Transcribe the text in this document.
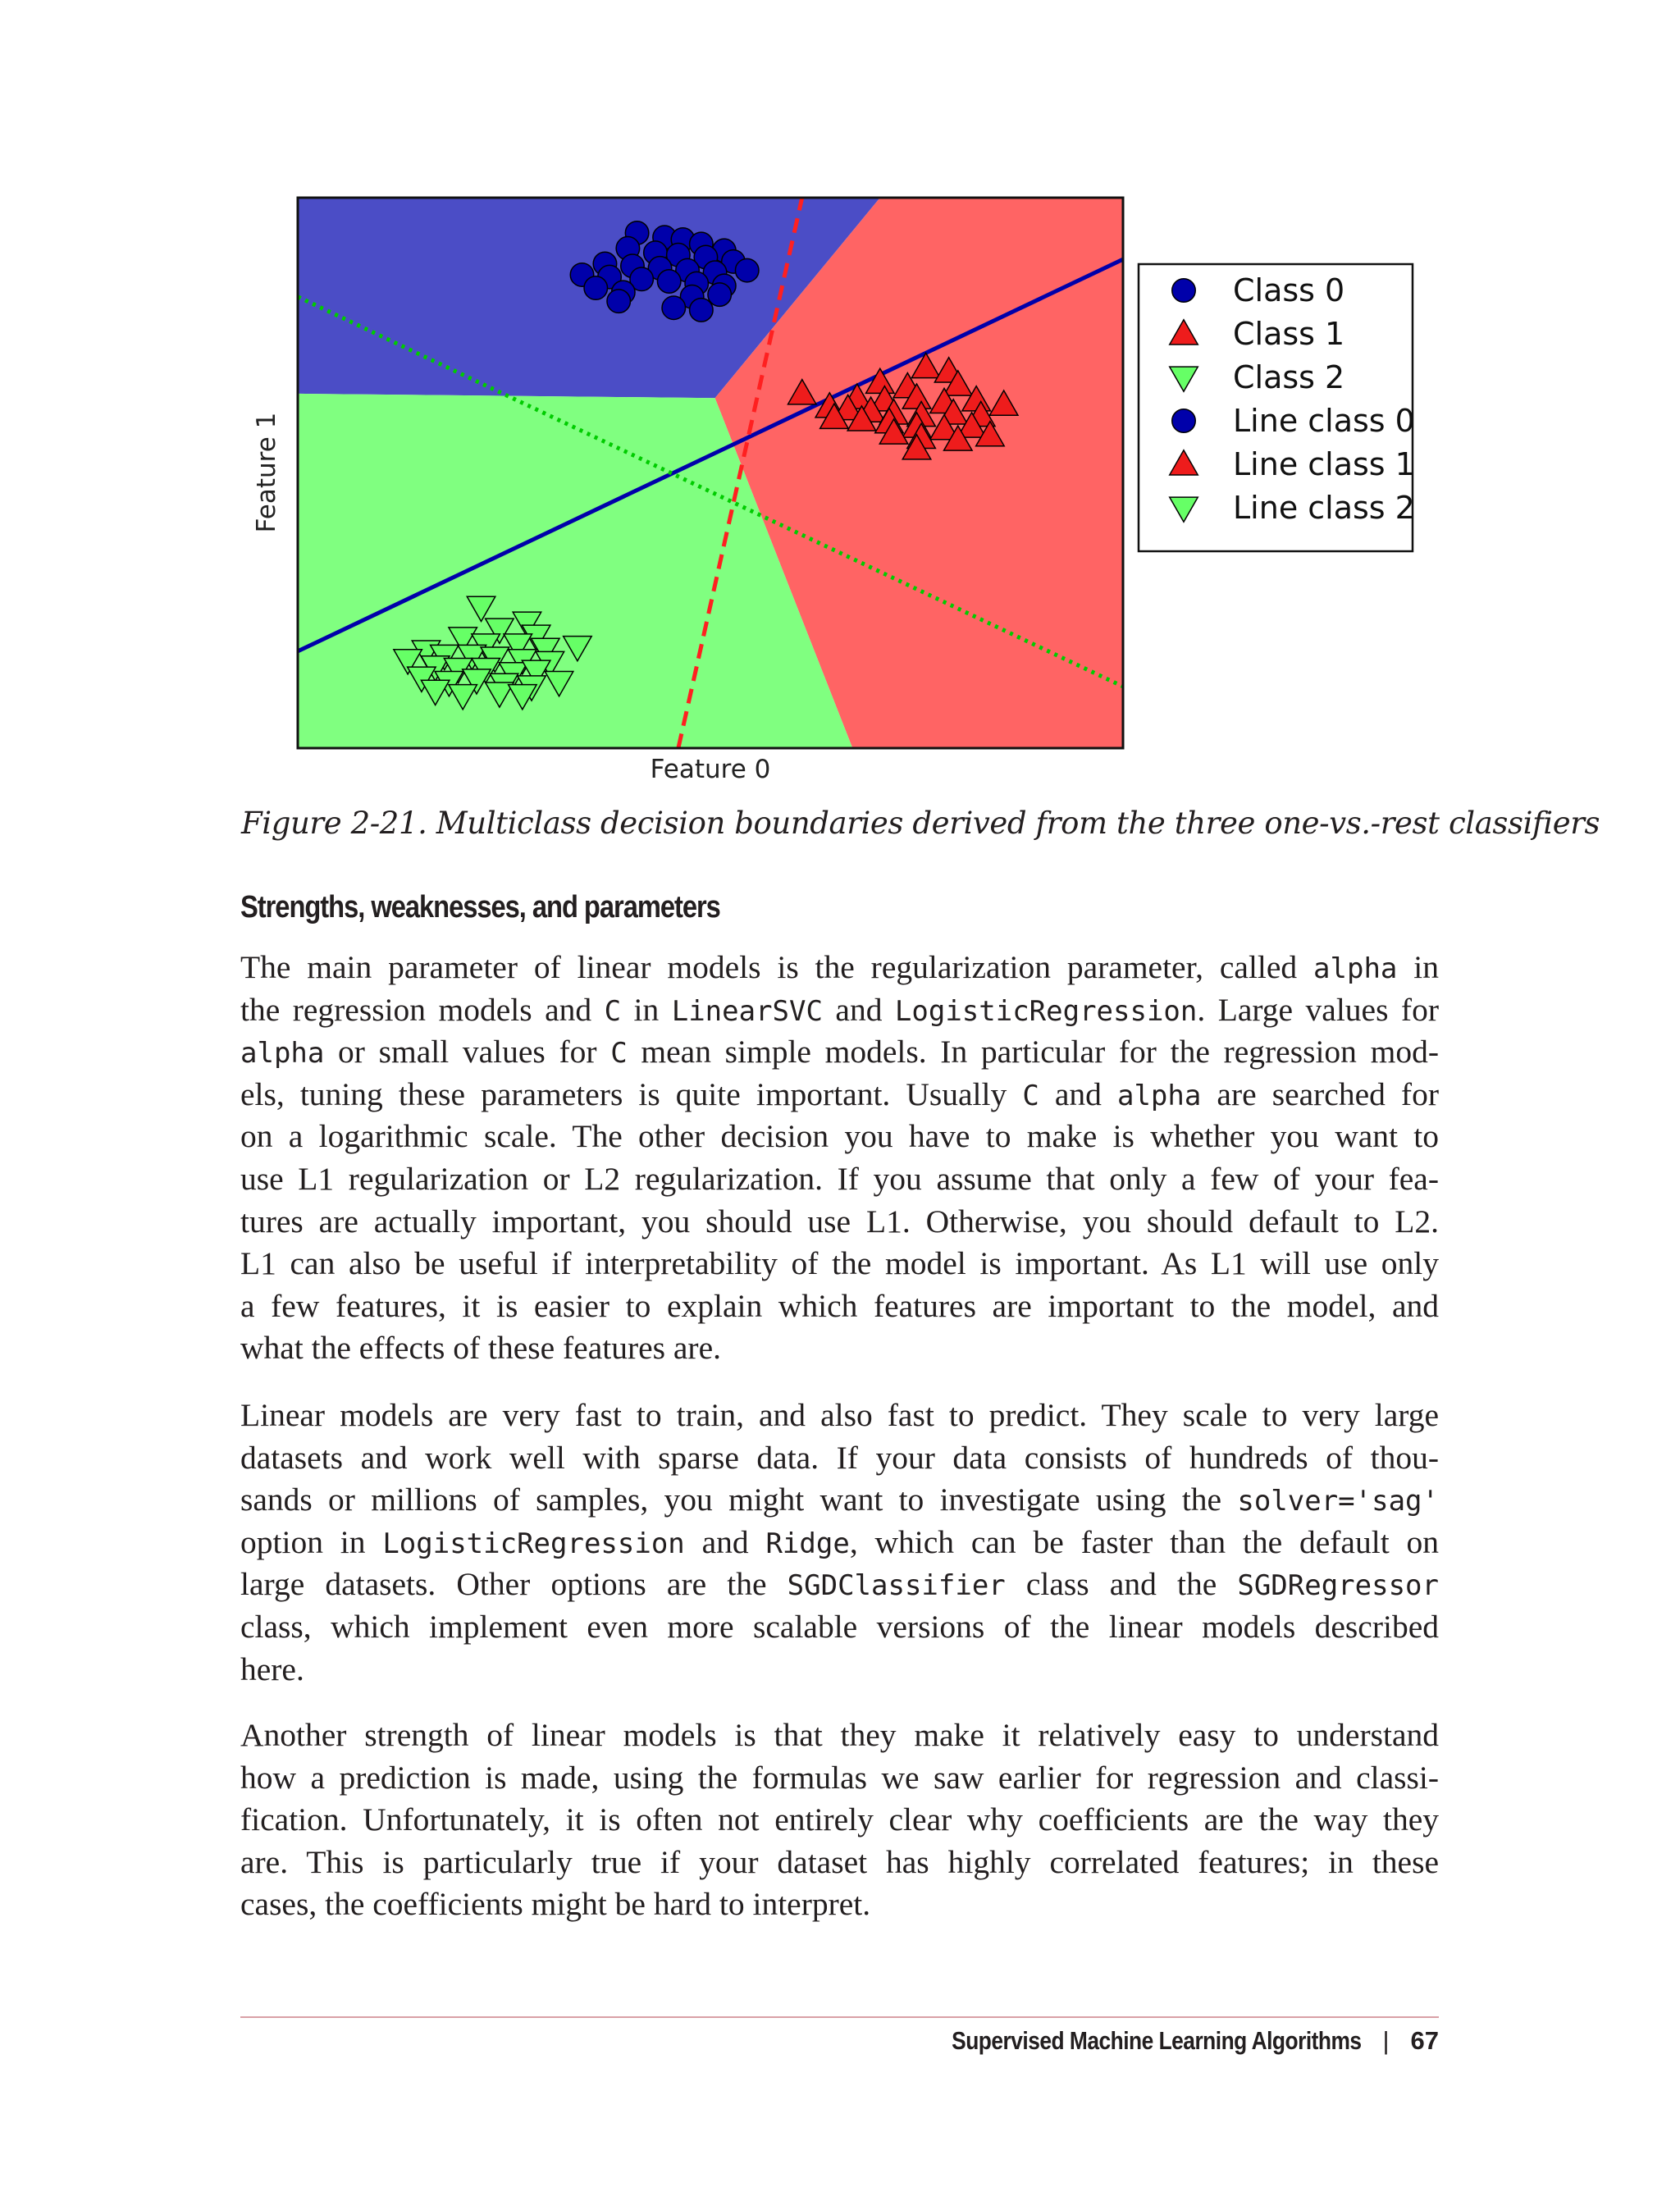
Feature 0
Feature 1
Class 0
Class 1
Class 2
Line class 0
Line class 1
Line class 2
Figure 2-21. Multiclass decision boundaries derived from the three one-vs.-rest classifiers
Strengths, weaknesses, and parameters
The main parameter of linear models is the regularization parameter, called alpha in
the regression models and C in LinearSVC and LogisticRegression. Large values for
alpha or small values for C mean simple models. In particular for the regression mod-
els, tuning these parameters is quite important. Usually C and alpha are searched for
on a logarithmic scale. The other decision you have to make is whether you want to
use L1 regularization or L2 regularization. If you assume that only a few of your fea-
tures are actually important, you should use L1. Otherwise, you should default to L2.
L1 can also be useful if interpretability of the model is important. As L1 will use only
a few features, it is easier to explain which features are important to the model, and
what the effects of these features are.
Linear models are very fast to train, and also fast to predict. They scale to very large
datasets and work well with sparse data. If your data consists of hundreds of thou-
sands or millions of samples, you might want to investigate using the solver='sag'
option in LogisticRegression and Ridge, which can be faster than the default on
large datasets. Other options are the SGDClassifier class and the SGDRegressor
class, which implement even more scalable versions of the linear models described
here.
Another strength of linear models is that they make it relatively easy to understand
how a prediction is made, using the formulas we saw earlier for regression and classi-
fication. Unfortunately, it is often not entirely clear why coefficients are the way they
are. This is particularly true if your dataset has highly correlated features; in these
cases, the coefficients might be hard to interpret.
Supervised Machine Learning Algorithms | 67
